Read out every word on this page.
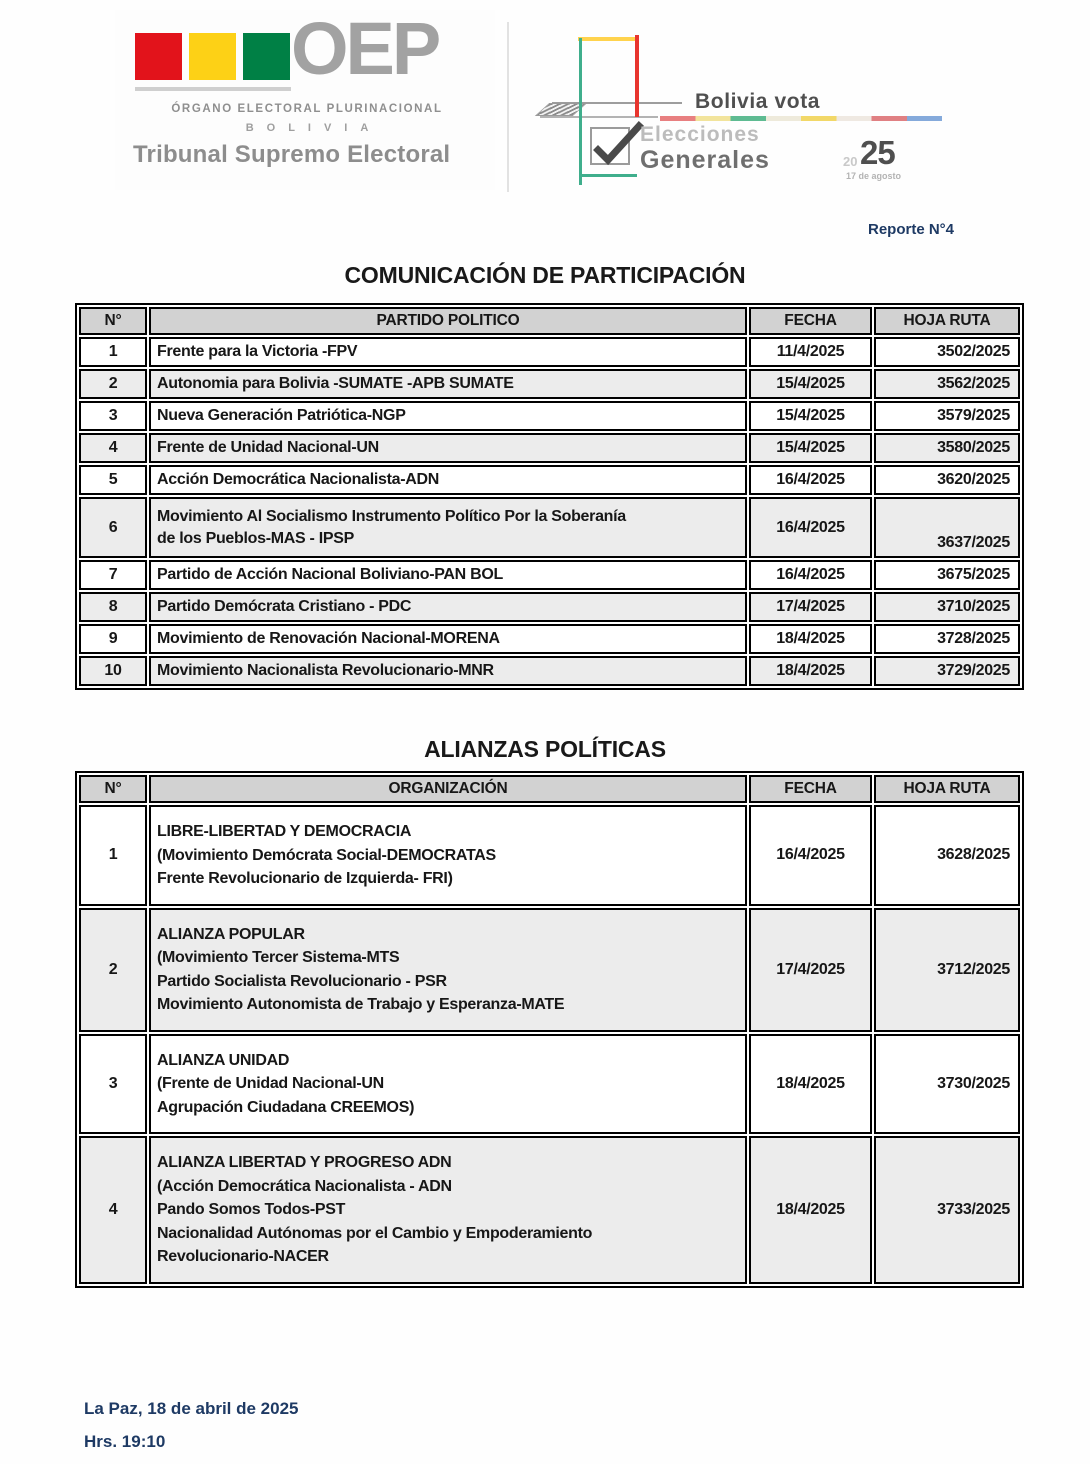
OEP
ÓRGANO ELECTORAL PLURINACIONAL
BOLIVIA
Tribunal Supremo Electoral
Bolivia vota
Elecciones
Generales	20 25
17 de agosto
Reporte N°4
COMUNICACIÓN DE PARTICIPACIÓN
N°	PARTIDO POLITICO	FECHA	HOJA RUTA
1	Frente para la Victoria -FPV	11/4/2025	3502/2025
2	Autonomia para Bolivia -SUMATE -APB SUMATE	15/4/2025	3562/2025
3	Nueva Generación Patriótica-NGP	15/4/2025	3579/2025
4	Frente de Unidad Nacional-UN	15/4/2025	3580/2025
5	Acción Democrática Nacionalista-ADN	16/4/2025	3620/2025
6	Movimiento Al Socialismo Instrumento Político Por la Soberanía
de los Pueblos-MAS - IPSP	16/4/2025	3637/2025
7	Partido de Acción Nacional Boliviano-PAN BOL	16/4/2025	3675/2025
8	Partido Demócrata Cristiano - PDC	17/4/2025	3710/2025
9	Movimiento de Renovación Nacional-MORENA	18/4/2025	3728/2025
10	Movimiento Nacionalista Revolucionario-MNR	18/4/2025	3729/2025
ALIANZAS POLÍTICAS
N°	ORGANIZACIÓN	FECHA	HOJA RUTA
1	LIBRE-LIBERTAD Y DEMOCRACIA
(Movimiento Demócrata Social-DEMOCRATAS
Frente Revolucionario de Izquierda- FRI)	16/4/2025	3628/2025
2	ALIANZA POPULAR
(Movimiento Tercer Sistema-MTS
Partido Socialista Revolucionario - PSR
Movimiento Autonomista de Trabajo y Esperanza-MATE	17/4/2025	3712/2025
3	ALIANZA UNIDAD
(Frente de Unidad Nacional-UN
Agrupación Ciudadana CREEMOS)	18/4/2025	3730/2025
4	ALIANZA LIBERTAD Y PROGRESO ADN
(Acción Democrática Nacionalista - ADN
Pando Somos Todos-PST
Nacionalidad Autónomas por el Cambio y Empoderamiento
Revolucionario-NACER	18/4/2025	3733/2025
La Paz, 18 de abril de 2025
Hrs. 19:10
